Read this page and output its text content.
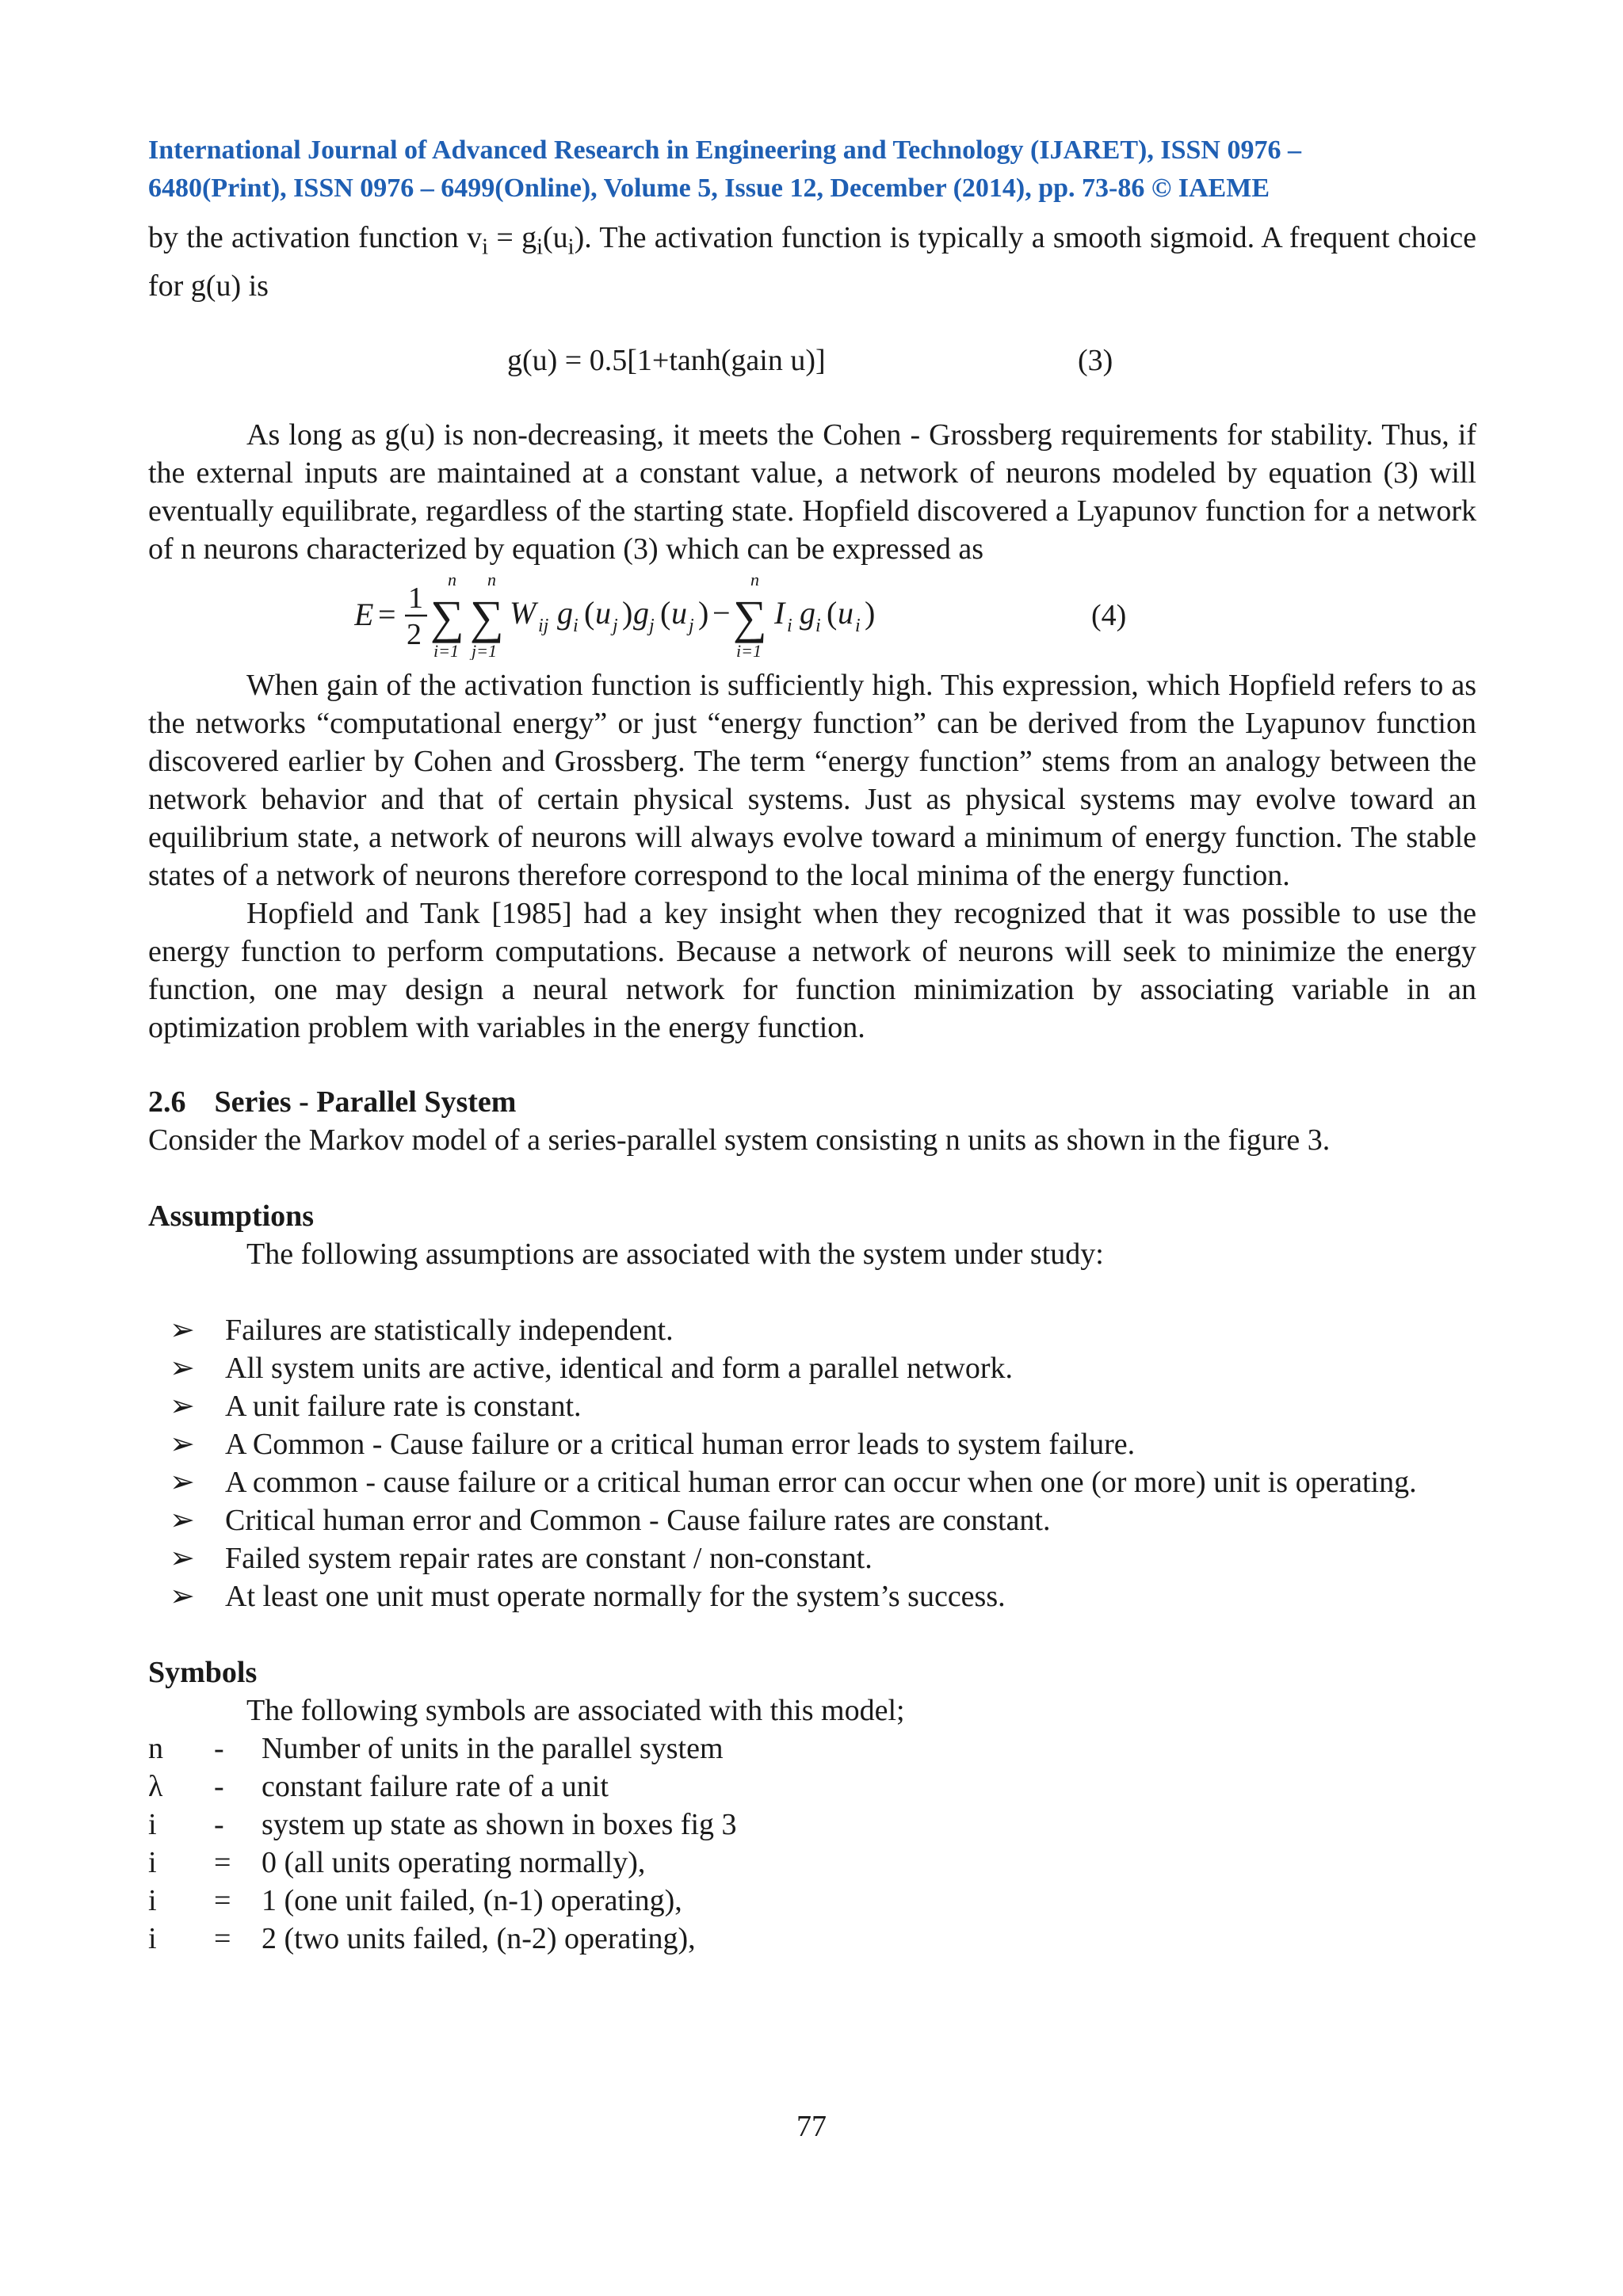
International Journal of Advanced Research in Engineering and Technology (IJARET), ISSN 0976 –
6480(Print), ISSN 0976 – 6499(Online), Volume 5, Issue 12, December (2014), pp. 73-86 © IAEME

by the activation function $v_i = g_i(u_i)$. The activation function is typically a smooth sigmoid. A frequent choice for g(u) is

g(u) = 0.5[1+tanh(gain u)]	(3)

As long as g(u) is non-decreasing, it meets the Cohen - Grossberg requirements for stability. Thus, if the external inputs are maintained at a constant value, a network of neurons modeled by equation (3) will eventually equilibrate, regardless of the starting state. Hopfield discovered a Lyapunov function for a network of n neurons characterized by equation (3) which can be expressed as

E = 1
2
n
∑
i=1
n
∑
j=1
W ij g i ( u j ) g j ( u j ) −
n
∑
i=1
I i g i ( u i )	(4)

When gain of the activation function is sufficiently high. This expression, which Hopfield refers to as the networks “computational energy” or just “energy function” can be derived from the Lyapunov function discovered earlier by Cohen and Grossberg. The term “energy function” stems from an analogy between the network behavior and that of certain physical systems. Just as physical systems may evolve toward an equilibrium state, a network of neurons will always evolve toward a minimum of energy function. The stable states of a network of neurons therefore correspond to the local minima of the energy function.

Hopfield and Tank [1985] had a key insight when they recognized that it was possible to use the energy function to perform computations. Because a network of neurons will seek to minimize the energy function, one may design a neural network for function minimization by associating variable in an optimization problem with variables in the energy function.

2.6 Series - Parallel System

Consider the Markov model of a series-parallel system consisting n units as shown in the figure 3.

Assumptions

The following assumptions are associated with the system under study:

➢ Failures are statistically independent.
➢ All system units are active, identical and form a parallel network.
➢ A unit failure rate is constant.
➢ A Common - Cause failure or a critical human error leads to system failure.
➢ A common - cause failure or a critical human error can occur when one (or more) unit is operating.
➢ Critical human error and Common - Cause failure rates are constant.
➢ Failed system repair rates are constant / non-constant.
➢ At least one unit must operate normally for the system’s success.
Symbols

The following symbols are associated with this model;

n	-	Number of units in the parallel system
λ	-	constant failure rate of a unit
i	-	system up state as shown in boxes fig 3
i	=	0 (all units operating normally),
i	=	1 (one unit failed, (n-1) operating),
i	=	2 (two units failed, (n-2) operating),
77
